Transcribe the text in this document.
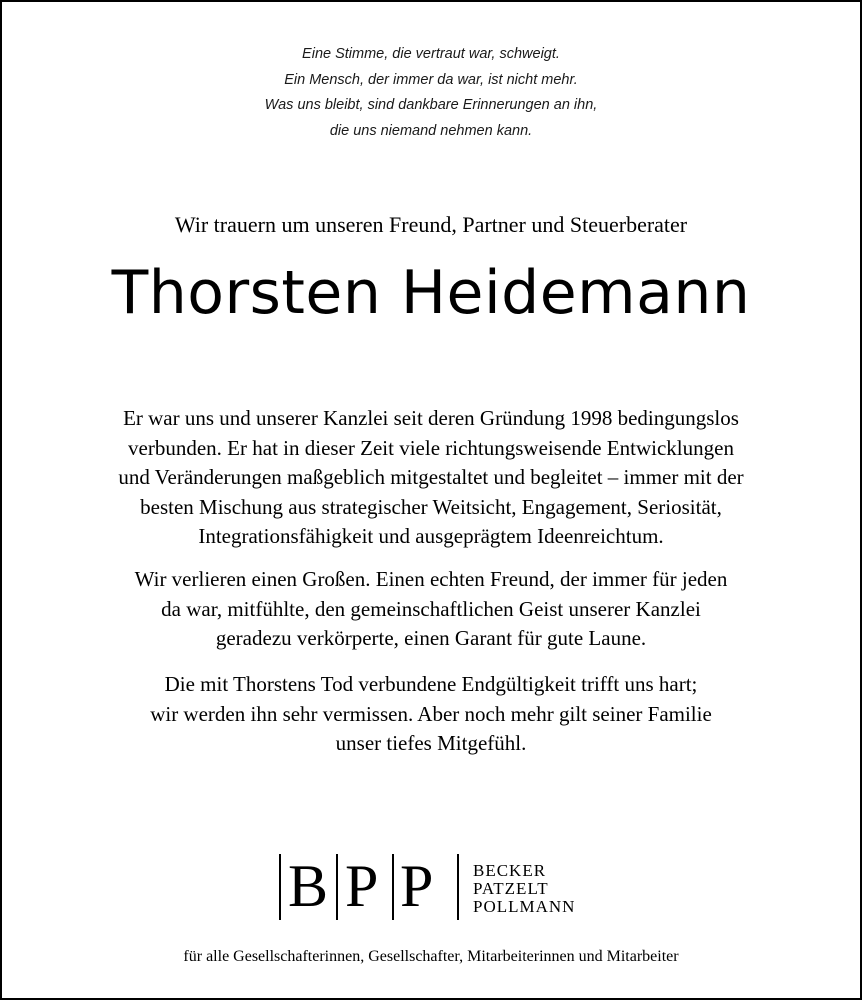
Eine Stimme, die vertraut war, schweigt.
Ein Mensch, der immer da war, ist nicht mehr.
Was uns bleibt, sind dankbare Erinnerungen an ihn,
die uns niemand nehmen kann.
Wir trauern um unseren Freund, Partner und Steuerberater
Thorsten Heidemann
Er war uns und unserer Kanzlei seit deren Gründung 1998 bedingungslos
verbunden. Er hat in dieser Zeit viele richtungsweisende Entwicklungen
und Veränderungen maßgeblich mitgestaltet und begleitet – immer mit der
besten Mischung aus strategischer Weitsicht, Engagement, Seriosität,
Integrationsfähigkeit und ausgeprägtem Ideenreichtum.
Wir verlieren einen Großen. Einen echten Freund, der immer für jeden
da war, mitfühlte, den gemeinschaftlichen Geist unserer Kanzlei
geradezu verkörperte, einen Garant für gute Laune.
Die mit Thorstens Tod verbundene Endgültigkeit trifft uns hart;
wir werden ihn sehr vermissen. Aber noch mehr gilt seiner Familie
unser tiefes Mitgefühl.
B P P BECKER
PATZELT
POLLMANN
für alle Gesellschafterinnen, Gesellschafter, Mitarbeiterinnen und Mitarbeiter
